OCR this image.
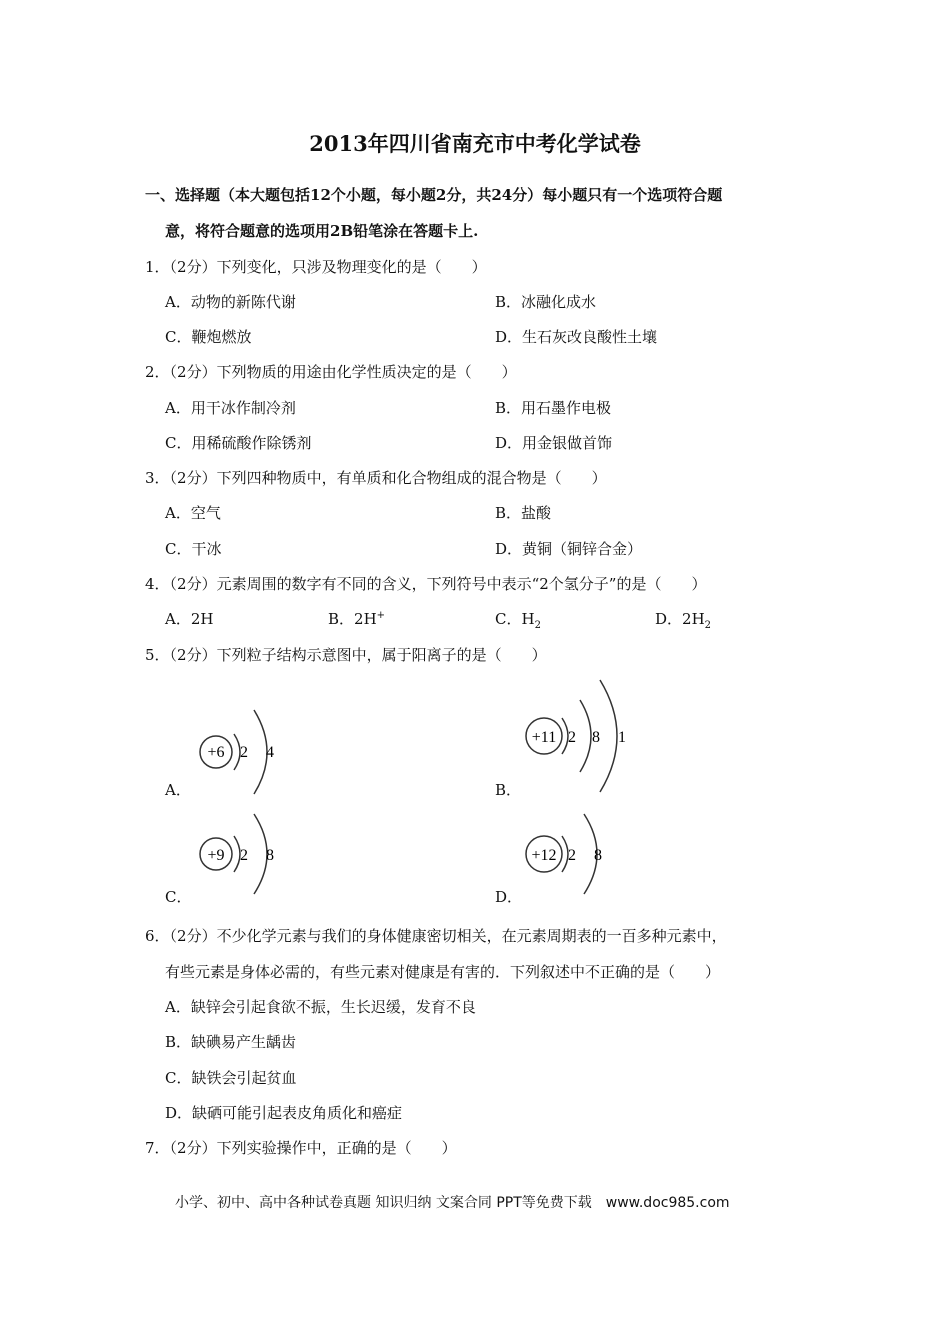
2013年四川省南充市中考化学试卷
一、选择题（本大题包括12个小题，每小题2分，共24分）每小题只有一个选项符合题
意，将符合题意的选项用2B铅笔涂在答题卡上.
1．（2分）下列变化，只涉及物理变化的是（　　）
A．动物的新陈代谢	B．冰融化成水
C．鞭炮燃放	D．生石灰改良酸性土壤
2．（2分）下列物质的用途由化学性质决定的是（　　）
A．用干冰作制冷剂	B．用石墨作电极
C．用稀硫酸作除锈剂	D．用金银做首饰
3．（2分）下列四种物质中，有单质和化合物组成的混合物是（　　）
A．空气	B．盐酸
C．干冰	D．黄铜（铜锌合金）
4．（2分）元素周围的数字有不同的含义，下列符号中表示“2个氢分子”的是（　　）
A．2H	B．2H+	C．$H_2$	D．$2H_2$
5．（2分）下列粒子结构示意图中，属于阳离子的是（　　）
A．
+6 2 4
B．
+11 2 8 1
C．
+9 2 8
D．
+12 2 8
6．（2分）不少化学元素与我们的身体健康密切相关，在元素周期表的一百多种元素中，
有些元素是身体必需的，有些元素对健康是有害的．下列叙述中不正确的是（　　）
A．缺锌会引起食欲不振，生长迟缓，发育不良
B．缺碘易产生龋齿
C．缺铁会引起贫血
D．缺硒可能引起表皮角质化和癌症
7．（2分）下列实验操作中，正确的是（　　）
小学、初中、高中各种试卷真题 知识归纳 文案合同 PPT等免费下载　www.doc985.com
